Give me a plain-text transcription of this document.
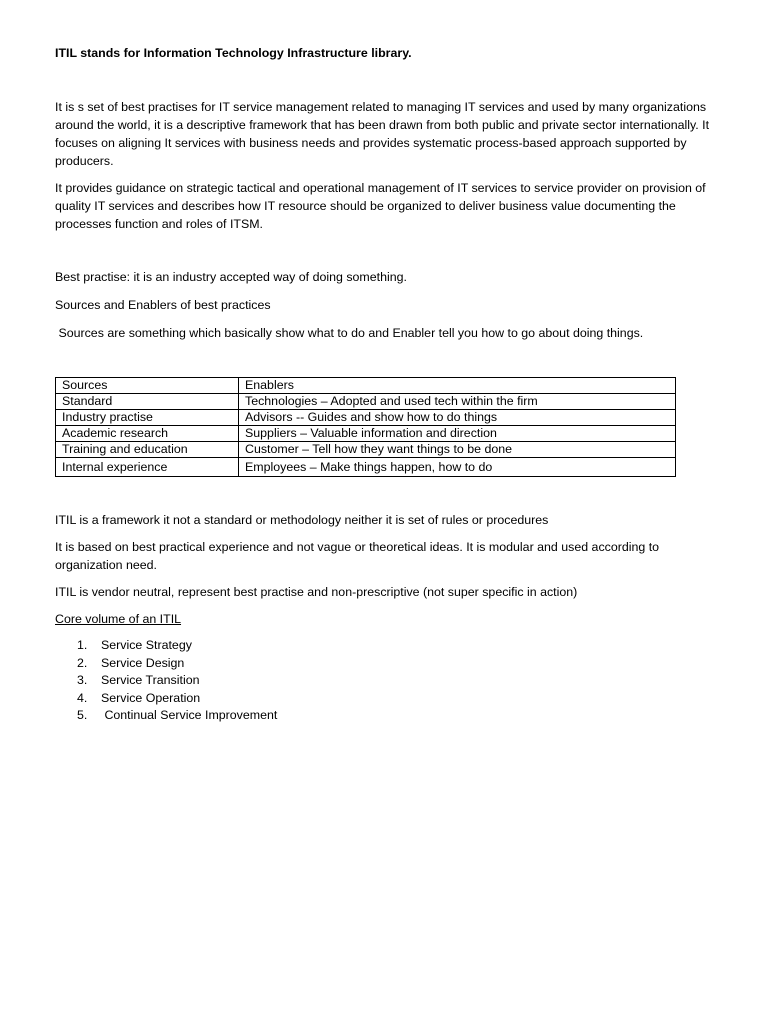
ITIL stands for Information Technology Infrastructure library.

It is s set of best practises for IT service management related to managing IT services and used by many organizations around the world, it is a descriptive framework that has been drawn from both public and private sector internationally. It focuses on aligning It services with business needs and provides systematic process-based approach supported by producers.

It provides guidance on strategic tactical and operational management of IT services to service provider on provision of quality IT services and describes how IT resource should be organized to deliver business value documenting the processes function and roles of ITSM.

Best practise: it is an industry accepted way of doing something.

Sources and Enablers of best practices

Sources are something which basically show what to do and Enabler tell you how to go about doing things.

Sources	Enablers
Standard	Technologies – Adopted and used tech within the firm
Industry practise	Advisors -- Guides and show how to do things
Academic research	Suppliers – Valuable information and direction
Training and education	Customer – Tell how they want things to be done
Internal experience	Employees – Make things happen, how to do

ITIL is a framework it not a standard or methodology neither it is set of rules or procedures

It is based on best practical experience and not vague or theoretical ideas. It is modular and used according to organization need.

ITIL is vendor neutral, represent best practise and non-prescriptive (not super specific in action)

Core volume of an ITIL

1. Service Strategy
2. Service Design
3. Service Transition
4. Service Operation
5. Continual Service Improvement
